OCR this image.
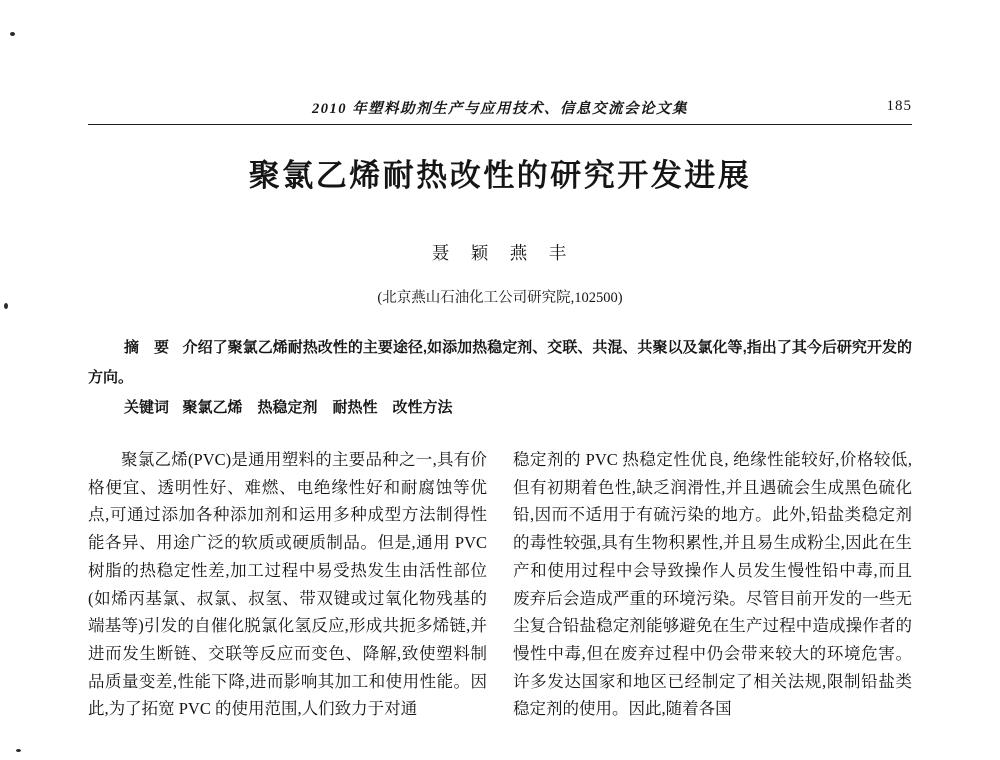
2010 年塑料助剂生产与应用技术、信息交流会论文集	185
聚氯乙烯耐热改性的研究开发进展
聂　颖　燕　丰
(北京燕山石油化工公司研究院,102500)

摘　要 介绍了聚氯乙烯耐热改性的主要途径,如添加热稳定剂、交联、共混、共聚以及氯化等,指出了其今后研究开发的方向。

关键词 聚氯乙烯　热稳定剂　耐热性　改性方法

聚氯乙烯(PVC)是通用塑料的主要品种之一,具有价格便宜、透明性好、难燃、电绝缘性好和耐腐蚀等优点,可通过添加各种添加剂和运用多种成型方法制得性能各异、用途广泛的软质或硬质制品。但是,通用 PVC 树脂的热稳定性差,加工过程中易受热发生由活性部位(如烯丙基氯、叔氯、叔氢、带双键或过氧化物残基的端基等)引发的自催化脱氯化氢反应,形成共扼多烯链,并进而发生断链、交联等反应而变色、降解,致使塑料制品质量变差,性能下降,进而影响其加工和使用性能。因此,为了拓宽 PVC 的使用范围,人们致力于对通

稳定剂的 PVC 热稳定性优良, 绝缘性能较好,价格较低,但有初期着色性,缺乏润滑性,并且遇硫会生成黑色硫化铅,因而不适用于有硫污染的地方。此外,铅盐类稳定剂的毒性较强,具有生物积累性,并且易生成粉尘,因此在生产和使用过程中会导致操作人员发生慢性铅中毒,而且废弃后会造成严重的环境污染。尽管目前开发的一些无尘复合铅盐稳定剂能够避免在生产过程中造成操作者的慢性中毒,但在废弃过程中仍会带来较大的环境危害。许多发达国家和地区已经制定了相关法规,限制铅盐类稳定剂的使用。因此,随着各国
